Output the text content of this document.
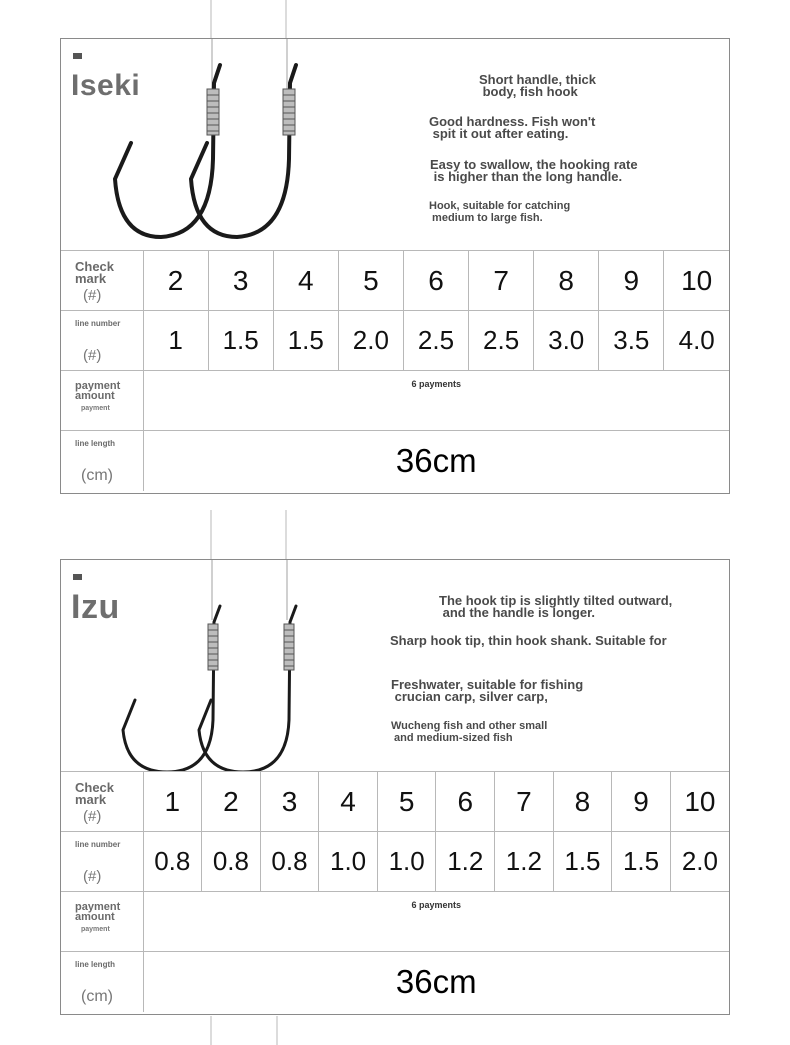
Iseki	Short handle, thick
body, fish hook
Good hardness. Fish won't
spit it out after eating.
Easy to swallow, the hooking rate
is higher than the long handle.
Hook, suitable for catching
medium to large fish.
Check
mark
(#)	2	3	4	5	6	7	8	9	10

line number
(#)	1	1.5	1.5	2.0	2.5	2.5	3.0	3.5	4.0

payment
amount
payment	6 payments								

line length
(cm)	36cm								
Izu	The hook tip is slightly tilted outward,
and the handle is longer.
Sharp hook tip, thin hook shank. Suitable for
Freshwater, suitable for fishing
crucian carp, silver carp,
Wucheng fish and other small
and medium-sized fish
Check
mark
(#)	1	2	3	4	5	6	7	8	9	10

line number
(#)	0.8	0.8	0.8	1.0	1.0	1.2	1.2	1.5	1.5	2.0

payment
amount
payment	6 payments									

line length
(cm)	36cm									
